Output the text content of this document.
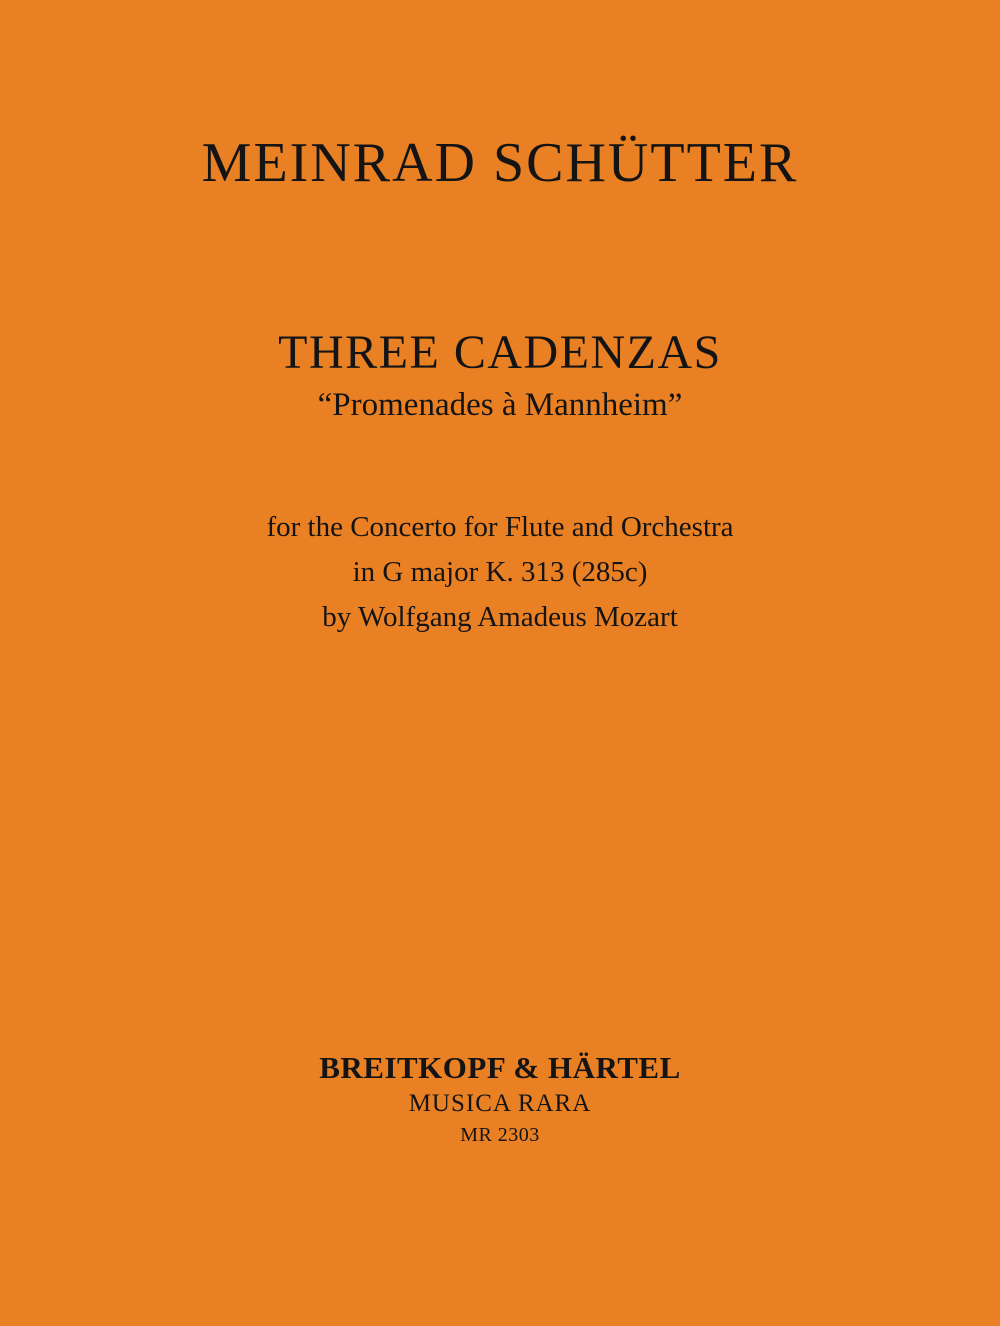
MEINRAD SCHÜTTER
THREE CADENZAS
“Promenades à Mannheim”
for the Concerto for Flute and Orchestra
in G major K. 313 (285c)
by Wolfgang Amadeus Mozart
BREITKOPF & HÄRTEL
MUSICA RARA
MR 2303
